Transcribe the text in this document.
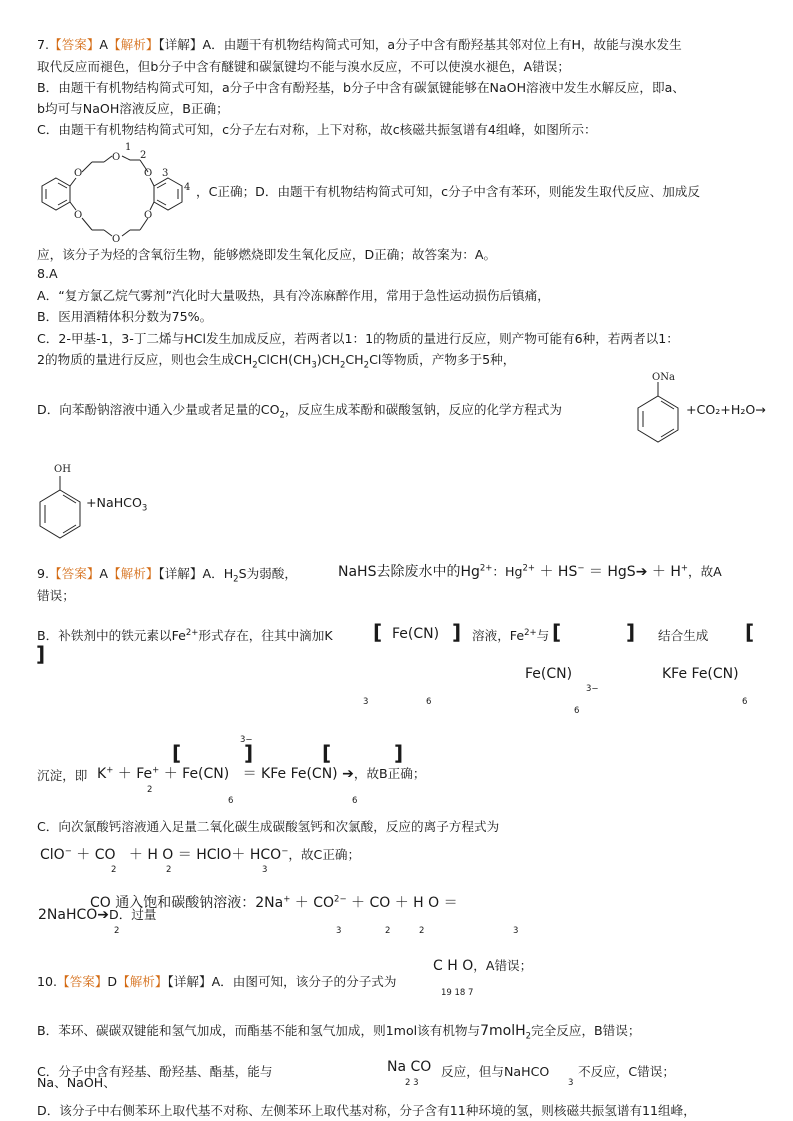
7.【答案】A【解析】【详解】A．由题干有机物结构简式可知，a分子中含有酚羟基其邻对位上有H，故能与溴水发生
取代反应而褪色，但b分子中含有醚键和碳氯键均不能与溴水反应，不可以使溴水褪色，A错误；
B．由题干有机物结构简式可知，a分子中含有酚羟基，b分子中含有碳氯键能够在NaOH溶液中发生水解反应，即a、
b均可与NaOH溶液反应，B正确；
C．由题干有机物结构简式可知，c分子左右对称，上下对称，故c核磁共振氢谱有4组峰，如图所示：
O
O
O
O
O
O
1
2
3
4 ，C正确；D．由题干有机物结构简式可知，c分子中含有苯环，则能发生取代反应、加成反
应，该分子为烃的含氧衍生物，能够燃烧即发生氧化反应，D正确；故答案为：A。
8.A
A．“复方氯乙烷气雾剂”汽化时大量吸热，具有冷冻麻醉作用，常用于急性运动损伤后镇痛，
B．医用酒精体积分数为75%。
C．2-甲基-1，3-丁二烯与HCl发生加成反应，若两者以1：1的物质的量进行反应，则产物可能有6种，若两者以1：
2的物质的量进行反应，则也会生成$CH_2ClCH(CH_3)CH_2CH_2Cl$等物质，产物多于5种，
D．向苯酚钠溶液中通入少量或者足量的$CO_2$，反应生成苯酚和碳酸氢钠，反应的化学方程式为
ONa
+CO₂+H₂O→
OH
+NaHCO$_3$
9.【答案】A【解析】【详解】A．$H_2S$为弱酸，	NaHS去除废水中的$Hg^{2+}$：$Hg^{2+} + HS^-$ ＝ HgS➔ ＋ H+，故A
错误；
B．补铁剂中的铁元素以$Fe^{2+}$形式存在，往其中滴加K [ Fe(CN) ] 溶液，$Fe^{2+}$与 [	] 结合生成 [
]
Fe(CN)
3−
KFe Fe(CN)
3	6
6
6
3−
[	]	[	]
沉淀，即 K+ ＋ Fe+ ＋ Fe(CN) ＝ KFe Fe(CN) ➔，故B正确；
2
6	6
C．向次氯酸钙溶液通入足量二氧化碳生成碳酸氢钙和次氯酸，反应的离子方程式为
ClO− ＋ CO ＋ H O ＝ HClO＋ HCO−，故C正确；
2	2	3
CO 通入饱和碳酸钠溶液：$2Na^+ + CO^{2-}$ ＋ CO ＋ H O ＝
2NaHCO➔D．过量
2	3	2	2	3
10.【答案】D【解析】【详解】A．由图可知，该分子的分子式为
C H O，A错误；
19 18 7
B．苯环、碳碳双键能和氢气加成，而酯基不能和氢气加成，则1mol该有机物与7molH$_2$完全反应，B错误；
C．分子中含有羟基、酚羟基、酯基，能与
Na、NaOH、
Na CO
2 3
反应，但与NaHCO
3
不反应，C错误；
D．该分子中右侧苯环上取代基不对称、左侧苯环上取代基对称，分子含有11种环境的氢，则核磁共振氢谱有11组峰，
